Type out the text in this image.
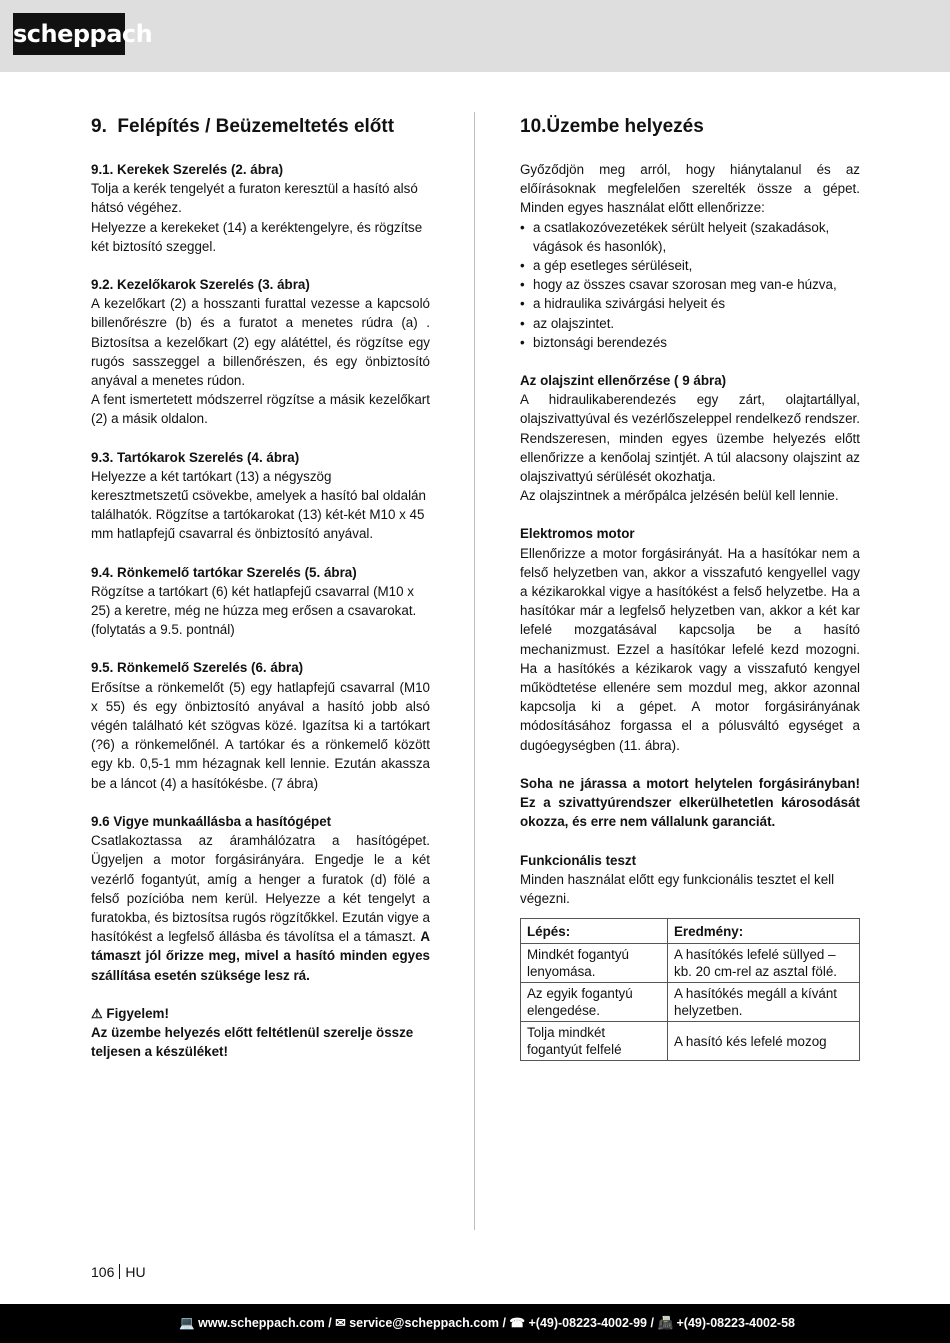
scheppach
9. Felépítés / Beüzemeltetés előtt

9.1. Kerekek Szerelés (2. ábra)

Tolja a kerék tengelyét a furaton keresztül a hasító alsó hátsó végéhez.

Helyezze a kerekeket (14) a keréktengelyre, és rögzítse két biztosító szeggel.

9.2. Kezelőkarok Szerelés (3. ábra)

A kezelőkart (2) a hosszanti furattal vezesse a kapcsoló billenőrészre (b) és a furatot a menetes rúdra (a) . Biztosítsa a kezelőkart (2) egy alátéttel, és rögzítse egy rugós sasszeggel a billenőrészen, és egy önbiztosító anyával a menetes rúdon.

A fent ismertetett módszerrel rögzítse a másik kezelőkart (2) a másik oldalon.

9.3. Tartókarok Szerelés (4. ábra)

Helyezze a két tartókart (13) a négyszög keresztmetszetű csövekbe, amelyek a hasító bal oldalán találhatók. Rögzítse a tartókarokat (13) két-két M10 x 45 mm hatlapfejű csavarral és önbiztosító anyával.

9.4. Rönkemelő tartókar Szerelés (5. ábra)

Rögzítse a tartókart (6) két hatlapfejű csavarral (M10 x 25) a keretre, még ne húzza meg erősen a csavarokat. (folytatás a 9.5. pontnál)

9.5. Rönkemelő Szerelés (6. ábra)

Erősítse a rönkemelőt (5) egy hatlapfejű csavarral (M10 x 55) és egy önbiztosító anyával a hasító jobb alsó végén található két szögvas közé. Igazítsa ki a tartókart (?6) a rönkemelőnél. A tartókar és a rönkemelő között egy kb. 0,5-1 mm hézagnak kell lennie. Ezután akassza be a láncot (4) a hasítókésbe. (7 ábra)

9.6 Vigye munkaállásba a hasítógépet

Csatlakoztassa az áramhálózatra a hasítógépet. Ügyeljen a motor forgásirányára. Engedje le a két vezérlő fogantyút, amíg a henger a furatok (d) fölé a felső pozícióba nem kerül. Helyezze a két tengelyt a furatokba, és biztosítsa rugós rögzítőkkel. Ezután vigye a hasítókést a legfelső állásba és távolítsa el a támaszt. A támaszt jól őrizze meg, mivel a hasító minden egyes szállítása esetén szüksége lesz rá.

⚠ Figyelem!

Az üzembe helyezés előtt feltétlenül szerelje össze teljesen a készüléket!

10.Üzembe helyezés

Győződjön meg arról, hogy hiánytalanul és az előírásoknak megfelelően szerelték össze a gépet. Minden egyes használat előtt ellenőrizze:

• a csatlakozóvezetékek sérült helyeit (szakadások, vágások és hasonlók),
• a gép esetleges sérüléseit,
• hogy az összes csavar szorosan meg van-e húzva,
• a hidraulika szivárgási helyeit és
• az olajszintet.
• biztonsági berendezés

Az olajszint ellenőrzése ( 9 ábra)

A hidraulikaberendezés egy zárt, olajtartállyal, olajszivattyúval és vezérlőszeleppel rendelkező rendszer. Rendszeresen, minden egyes üzembe helyezés előtt ellenőrizze a kenőolaj szintjét. A túl alacsony olajszint az olajszivattyú sérülését okozhatja.

Az olajszintnek a mérőpálca jelzésén belül kell lennie.

Elektromos motor

Ellenőrizze a motor forgásirányát. Ha a hasítókar nem a felső helyzetben van, akkor a visszafutó kengyellel vagy a kézikarokkal vigye a hasítókést a felső helyzetbe. Ha a hasítókar már a legfelső helyzetben van, akkor a két kar lefelé mozgatásával kapcsolja be a hasító mechanizmust. Ezzel a hasítókar lefelé kezd mozogni. Ha a hasítókés a kézikarok vagy a visszafutó kengyel működtetése ellenére sem mozdul meg, akkor azonnal kapcsolja ki a gépet. A motor forgásirányának módosításához forgassa el a pólusváltó egységet a dugóegységben (11. ábra).

Soha ne járassa a motort helytelen forgásirányban! Ez a szivattyúrendszer elkerülhetetlen károsodását okozza, és erre nem vállalunk garanciát.

Funkcionális teszt

Minden használat előtt egy funkcionális tesztet el kell végezni.

Lépés:	Eredmény:
Mindkét fogantyú lenyomása.	A hasítókés lefelé süllyed – kb. 20 cm-rel az asztal fölé.
Az egyik fogantyú elengedése.	A hasítókés megáll a kívánt helyzetben.
Tolja mindkét fogantyút felfelé	A hasító kés lefelé mozog
106 HU
💻 www.scheppach.com / ✉ service@scheppach.com / ☎ +(49)-08223-4002-99 / 📠 +(49)-08223-4002-58
